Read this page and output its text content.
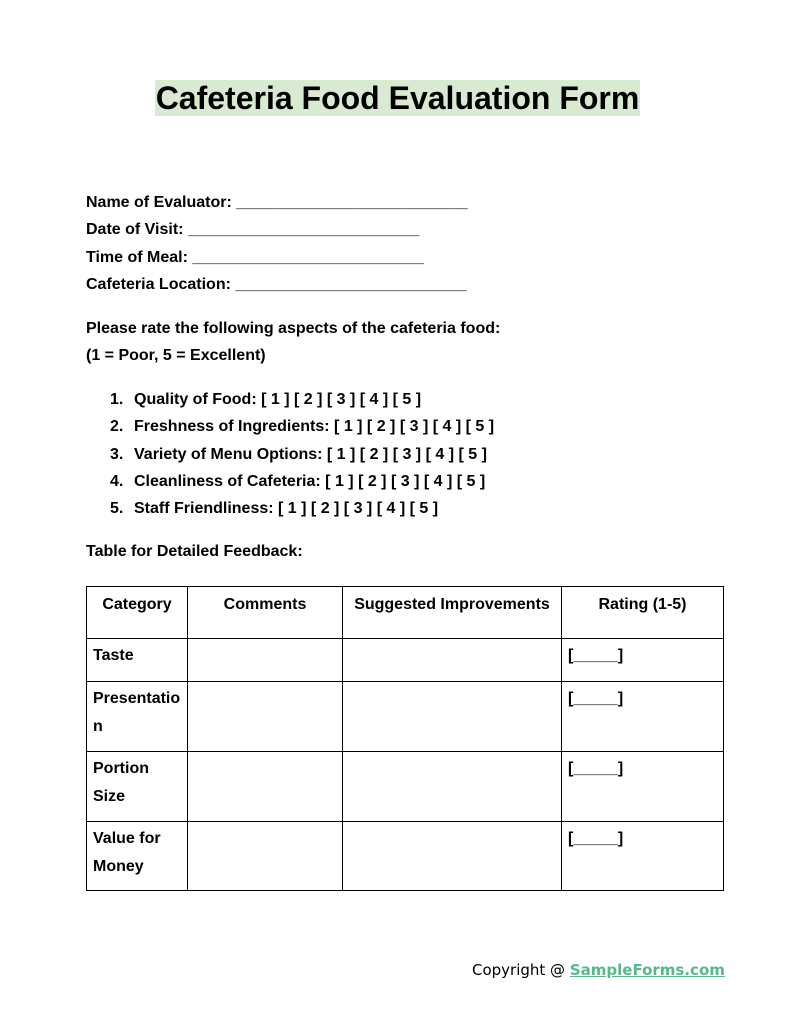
Cafeteria Food Evaluation Form
Name of Evaluator: __________________________
Date of Visit: __________________________
Time of Meal: __________________________
Cafeteria Location: __________________________
Please rate the following aspects of the cafeteria food:
(1 = Poor, 5 = Excellent)
1. Quality of Food: [ 1 ] [ 2 ] [ 3 ] [ 4 ] [ 5 ]
2. Freshness of Ingredients: [ 1 ] [ 2 ] [ 3 ] [ 4 ] [ 5 ]
3. Variety of Menu Options: [ 1 ] [ 2 ] [ 3 ] [ 4 ] [ 5 ]
4. Cleanliness of Cafeteria: [ 1 ] [ 2 ] [ 3 ] [ 4 ] [ 5 ]
5. Staff Friendliness: [ 1 ] [ 2 ] [ 3 ] [ 4 ] [ 5 ]
Table for Detailed Feedback:
Category	Comments	Suggested Improvements	Rating (1-5)
Taste			[_____]
Presentation			[_____]
Portion Size			[_____]
Value for Money			[_____]
Copyright @ SampleForms.com
